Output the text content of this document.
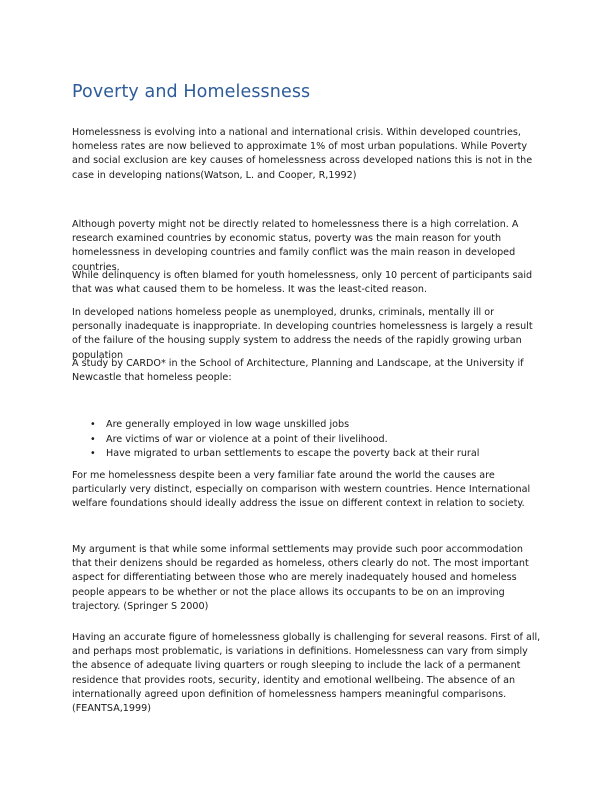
Poverty and Homelessness
Homelessness is evolving into a national and international crisis. Within developed countries, homeless rates are now believed to approximate 1% of most urban populations. While Poverty and social exclusion are key causes of homelessness across developed nations this is not in the case in developing nations(Watson, L. and Cooper, R,1992)
Although poverty might not be directly related to homelessness there is a high correlation. A research examined countries by economic status, poverty was the main reason for youth homelessness in developing countries and family conflict was the main reason in developed countries.
While delinquency is often blamed for youth homelessness, only 10 percent of participants said that was what caused them to be homeless. It was the least-cited reason.
In developed nations homeless people as unemployed, drunks, criminals, mentally ill or personally inadequate is inappropriate. In developing countries homelessness is largely a result of the failure of the housing supply system to address the needs of the rapidly growing urban population
A study by CARDO* in the School of Architecture, Planning and Landscape, at the University if Newcastle that homeless people:
• Are generally employed in low wage unskilled jobs
• Are victims of war or violence at a point of their livelihood.
• Have migrated to urban settlements to escape the poverty back at their rural
For me homelessness despite been a very familiar fate around the world the causes are particularly very distinct, especially on comparison with western countries. Hence International welfare foundations should ideally address the issue on different context in relation to society.
My argument is that while some informal settlements may provide such poor accommodation that their denizens should be regarded as homeless, others clearly do not. The most important aspect for differentiating between those who are merely inadequately housed and homeless people appears to be whether or not the place allows its occupants to be on an improving trajectory. (Springer S 2000)
Having an accurate figure of homelessness globally is challenging for several reasons. First of all, and perhaps most problematic, is variations in definitions. Homelessness can vary from simply the absence of adequate living quarters or rough sleeping to include the lack of a permanent residence that provides roots, security, identity and emotional wellbeing. The absence of an internationally agreed upon definition of homelessness hampers meaningful comparisons. (FEANTSA,1999)
